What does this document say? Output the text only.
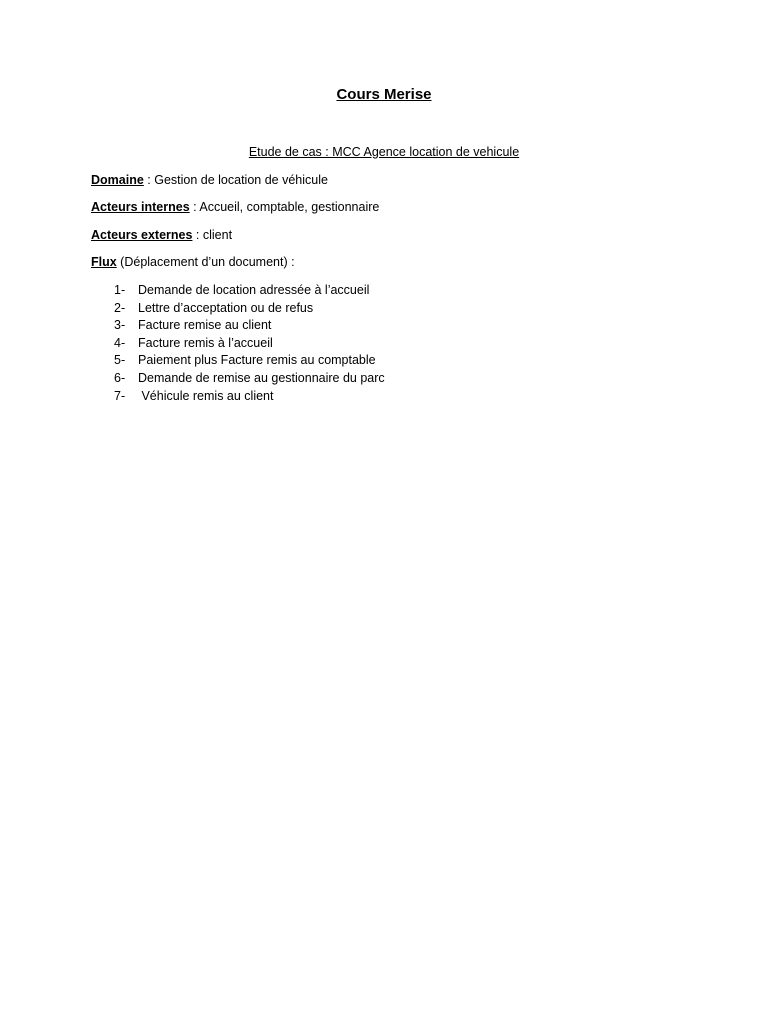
Cours Merise

Etude de cas : MCC Agence location de vehicule

Domaine : Gestion de location de véhicule

Acteurs internes : Accueil, comptable, gestionnaire

Acteurs externes : client

Flux (Déplacement d’un document) :

1- Demande de location adressée à l’accueil
2- Lettre d’acceptation ou de refus
3- Facture remise au client
4- Facture remis à l’accueil
5- Paiement plus Facture remis au comptable
6- Demande de remise au gestionnaire du parc
7- Véhicule remis au client
